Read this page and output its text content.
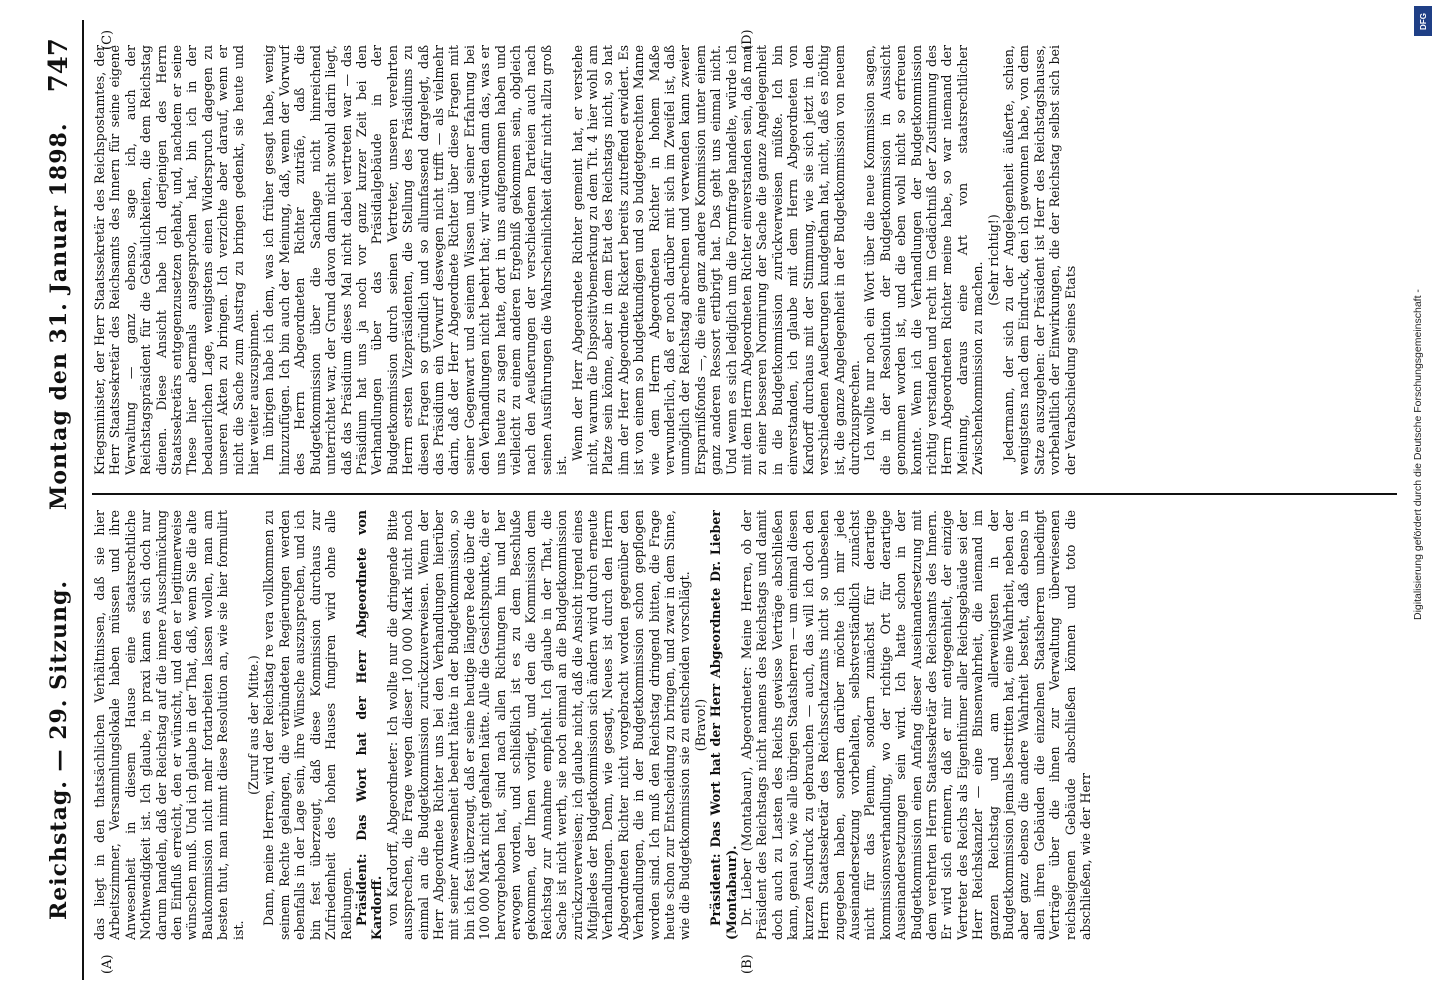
Reichstag. — 29. Sitzung.
Montag den 31. Januar 1898.
747
(A)	(B)
(C)	(D)

das liegt in den thatsächlichen Verhältnissen, daß sie hier Arbeitszimmer, Versammlungslokale haben müssen und ihre Anwesenheit in diesem Hause eine staatsrechtliche Nothwendigkeit ist. Ich glaube, in praxi kann es sich doch nur darum handeln, daß der Reichstag auf die innere Ausschmückung den Einfluß erreicht, den er wünscht, und den er legitimerweise wünschen muß. Und ich glaube in der That, daß, wenn Sie die alte Baukommission nicht mehr fortarbeiten lassen wollen, man am besten thut, man nimmt diese Resolution an, wie sie hier formulirt ist.

(Zuruf aus der Mitte.) Dann, meine Herren, wird der Reichstag re vera vollkommen zu seinem Rechte gelangen, die verbündeten Regierungen werden ebenfalls in der Lage sein, ihre Wünsche auszusprechen, und ich bin fest überzeugt, daß diese Kommission durchaus zur Zufriedenheit des hohen Hauses fungiren wird ohne alle Reibungen. Präsident: Das Wort hat der Herr Abgeordnete von Kardorff. von Kardorff, Abgeordneter: Ich wollte nur die dringende Bitte aussprechen, die Frage wegen dieser 100 000 Mark nicht noch einmal an die Budgetkommission zurückzuverweisen. Wenn der Herr Abgeordnete Richter uns bei den Verhandlungen hierüber mit seiner Anwesenheit beehrt hätte in der Budgetkommission, so bin ich fest überzeugt, daß er seine heutige längere Rede über die 100 000 Mark nicht gehalten hätte. Alle die Gesichtspunkte, die er hervorgehoben hat, sind nach allen Richtungen hin und her erwogen worden, und schließlich ist es zu dem Beschluße gekommen, der Ihnen vorliegt, und den die Kommission dem Reichstag zur Annahme empfiehlt. Ich glaube in der That, die Sache ist nicht werth, sie noch einmal an die Budgetkommission zurückzuverweisen; ich glaube nicht, daß die Ansicht irgend eines Mitgliedes der Budgetkommission sich ändern wird durch erneute Verhandlungen. Denn, wie gesagt, Neues ist durch den Herrn Abgeordneten Richter nicht vorgebracht worden gegenüber den Verhandlungen, die in der Budgetkommission schon gepflogen worden sind. Ich muß den Reichstag dringend bitten, die Frage heute schon zur Entscheidung zu bringen, und zwar in dem Sinne, wie die Budgetkommission sie zu entscheiden vorschlägt. (Bravo!) Präsident: Das Wort hat der Herr Abgeordnete Dr. Lieber (Montabaur). Dr. Lieber (Montabaur), Abgeordneter: Meine Herren, ob der Präsident des Reichstags nicht namens des Reichstags und damit doch auch zu Lasten des Reichs gewisse Verträge abschließen kann, genau so, wie alle übrigen Staatsherren — um einmal diesen kurzen Ausdruck zu gebrauchen — auch, das will ich doch den Herrn Staatssekretär des Reichsschatzamts nicht so unbesehen zugegeben haben, sondern darüber möchte ich mir jede Auseinandersetzung vorbehalten, selbstverständlich zunächst nicht für das Plenum, sondern zunächst für derartige kommissionsverhandlung, wo der richtige Ort für derartige Auseinandersetzungen sein wird. Ich hatte schon in der Budgetkommission einen Anfang dieser Auseinandersetzung mit dem verehrten Herrn Staatssekretär des Reichsamts des Innern. Er wird sich erinnern, daß er mir entgegenhielt, der einzige Vertreter des Reichs als Eigenthümer aller Reichsgebäude sei der Herr Reichskanzler — eine Binsenwahrheit, die niemand im ganzen Reichstag und am allerwenigsten in der Budgetkommission jemals bestritten hat, eine Wahrheit, neben der aber ganz ebenso die andere Wahrheit besteht, daß ebenso in allen ihren Gebäuden die einzelnen Staatsherren unbedingt Verträge über die ihnen zur Verwaltung überwiesenen reichseigenen Gebäude abschließen können und toto die abschließen, wie der Herr

Kriegsminister, der Herr Staatssekretär des Reichspostamtes, der Herr Staatssekretär des Reichsamts des Innern für seine eigene Verwaltung — ganz ebenso, sage ich, auch der Reichstagspräsident für die Gebäulichkeiten, die dem Reichstag dienen. Diese Ansicht habe ich derjenigen des Herrn Staatssekretärs entgegenzusetzen gehabt, und, nachdem er seine These hier abermals ausgesprochen hat, bin ich in der bedauerlichen Lage, wenigstens einen Widerspruch dagegen zu unseren Akten zu bringen. Ich verzichte aber darauf, wenn er nicht die Sache zum Austrag zu bringen gedenkt, sie heute und hier weiter auszuspinnen. Im übrigen habe ich dem, was ich früher gesagt habe, wenig hinzuzufügen. Ich bin auch der Meinung, daß, wenn der Vorwurf des Herrn Abgeordneten Richter zuträfe, daß die Budgetkommission über die Sachlage nicht hinreichend unterrichtet war, der Grund davon dann nicht sowohl darin liegt, daß das Präsidium dieses Mal nicht dabei vertreten war — das Präsidium hat uns ja noch vor ganz kurzer Zeit bei den Verhandlungen über das Präsidialgebäude in der Budgetkommission durch seinen Vertreter, unseren verehrten Herrn ersten Vizepräsidenten, die Stellung des Präsidiums zu diesen Fragen so gründlich und so allumfassend dargelegt, daß das Präsidium ein Vorwurf deswegen nicht trifft — als vielmehr darin, daß der Herr Abgeordnete Richter über diese Fragen mit seiner Gegenwart und seinem Wissen und seiner Erfahrung bei den Verhandlungen nicht beehrt hat; wir würden dann das, was er uns heute zu sagen hatte, dort in uns aufgenommen haben und vielleicht zu einem anderen Ergebniß gekommen sein, obgleich nach den Aeußerungen der verschiedenen Parteien auch nach seinen Ausführungen die Wahrscheinlichkeit dafür nicht allzu groß ist.

Wenn der Herr Abgeordnete Richter gemeint hat, er verstehe nicht, warum die Dispositivbemerkung zu dem Tit. 4 hier wohl am Platze sein könne, aber in dem Etat des Reichstags nicht, so hat ihm der Herr Abgeordnete Rickert bereits zutreffend erwidert. Es ist von einem so budgetkundigen und so budgetgerechten Manne wie dem Herrn Abgeordneten Richter in hohem Maße verwunderlich, daß er noch darüber mit sich im Zweifel ist, daß unmöglich der Reichstag abrechnen und verwenden kann zweier Ersparnißfonds —, die eine ganz andere Kommission unter einem ganz anderen Ressort ertibrigt hat. Das geht uns einmal nicht. Und wenn es sich lediglich um die Formfrage handelte, würde ich mit dem Herrn Abgeordneten Richter einverstanden sein, daß man zu einer besseren Normirung der Sache die ganze Angelegenheit in die Budgetkommission zurückverweisen müßte. Ich bin einverstanden, ich glaube mit dem Herrn Abgeordneten von Kardorff durchaus mit der Stimmung, wie sie sich jetzt in den verschiedenen Aeußerungen kundgethan hat, nicht, daß es nöthig ist, die ganze Angelegenheit in der Budgetkommission von neuem durchzusprechen. Ich wollte nur noch ein Wort über die neue Kommission sagen, die in der Resolution der Budgetkommission in Aussicht genommen worden ist, und die eben wohl nicht so erfreuen konnte. Wenn ich die Verhandlungen der Budgetkommission richtig verstanden und recht im Gedächtniß der Zustimmung des Herrn Abgeordneten Richter meine habe, so war niemand der Meinung, daraus eine Art von staatsrechtlicher Zwischenkommission zu machen.

(Sehr richtig!) Jedermann, der sich zu der Angelegenheit äußerte, schien, wenigstens nach dem Eindruck, den ich gewonnen habe, von dem Satze auszugehen: der Präsident ist Herr des Reichstagshauses, vorbehaltlich der Einwirkungen, die der Reichstag selbst sich bei der Verabschiedung seines Etats

DFG
Digitalisierung gefördert durch die Deutsche Forschungsgemeinschaft -
